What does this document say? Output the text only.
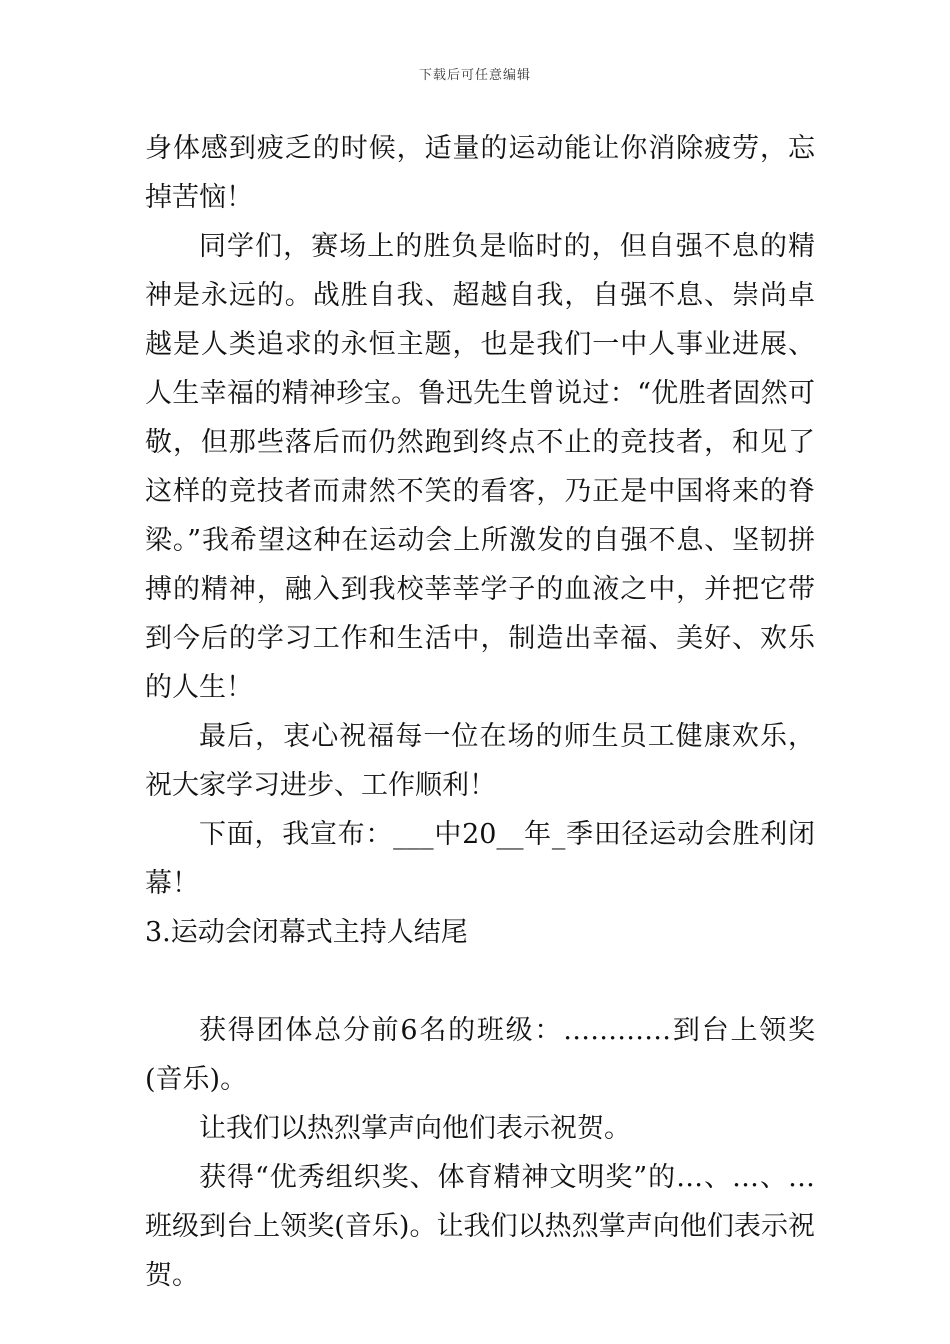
下载后可任意编辑

身体感到疲乏的时候，适量的运动能让你消除疲劳，忘掉苦恼！

同学们，赛场上的胜负是临时的，但自强不息的精神是永远的。战胜自我、超越自我，自强不息、崇尚卓越是人类追求的永恒主题，也是我们一中人事业进展、人生幸福的精神珍宝。鲁迅先生曾说过：“优胜者固然可敬，但那些落后而仍然跑到终点不止的竞技者，和见了这样的竞技者而肃然不笑的看客，乃正是中国将来的脊梁。”我希望这种在运动会上所激发的自强不息、坚韧拼搏的精神，融入到我校莘莘学子的血液之中，并把它带到今后的学习工作和生活中，制造出幸福、美好、欢乐的人生！

最后，衷心祝福每一位在场的师生员工健康欢乐，祝大家学习进步、工作顺利！

下面，我宣布：___中20__年_季田径运动会胜利闭幕！

3.运动会闭幕式主持人结尾

获得团体总分前6名的班级：…………到台上领奖(音乐)。

让我们以热烈掌声向他们表示祝贺。

获得“优秀组织奖、体育精神文明奖”的…、…、…班级到台上领奖(音乐)。让我们以热烈掌声向他们表示祝贺。
